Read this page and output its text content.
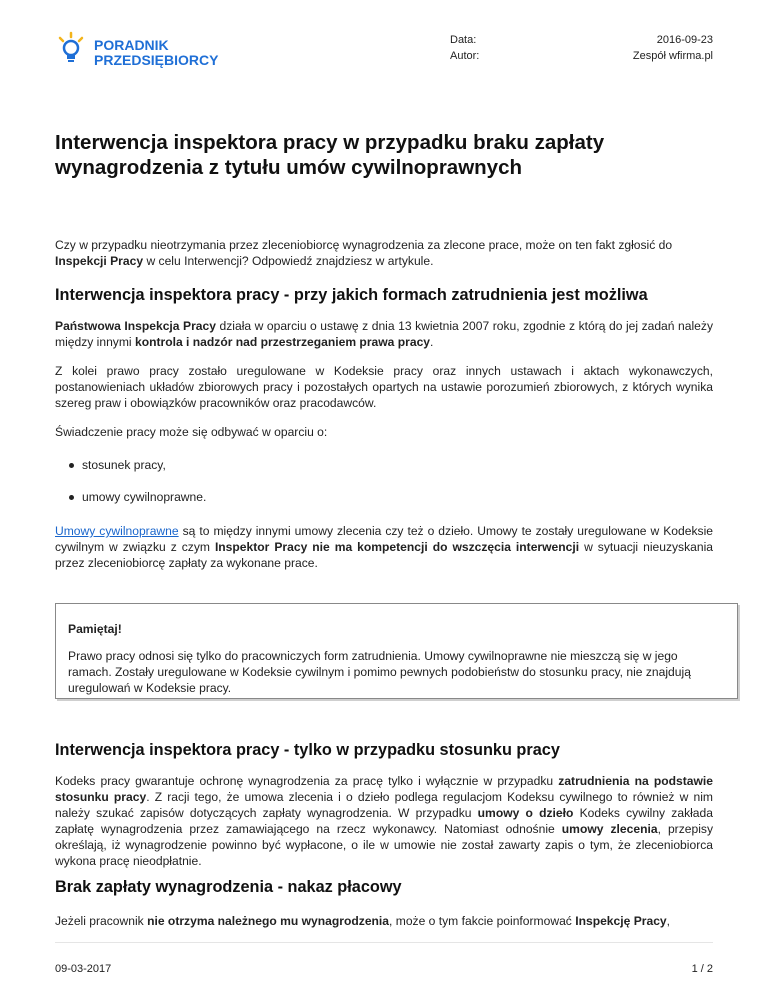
PORADNIK
PRZEDSIĘBIORCY
Data:	2016-09-23
Autor:	Zespół wfirma.pl
Interwencja inspektora pracy w przypadku braku zapłaty wynagrodzenia z tytułu umów cywilnoprawnych

Czy w przypadku nieotrzymania przez zleceniobiorcę wynagrodzenia za zlecone prace, może on ten fakt zgłosić do Inspekcji Pracy w celu Interwencji? Odpowiedź znajdziesz w artykule.

Interwencja inspektora pracy - przy jakich formach zatrudnienia jest możliwa

Państwowa Inspekcja Pracy działa w oparciu o ustawę z dnia 13 kwietnia 2007 roku, zgodnie z którą do jej zadań należy między innymi kontrola i nadzór nad przestrzeganiem prawa pracy.

Z kolei prawo pracy zostało uregulowane w Kodeksie pracy oraz innych ustawach i aktach wykonawczych, postanowieniach układów zbiorowych pracy i pozostałych opartych na ustawie porozumień zbiorowych, z których wynika szereg praw i obowiązków pracowników oraz pracodawców.

Świadczenie pracy może się odbywać w oparciu o:

stosunek pracy,
umowy cywilnoprawne.

Umowy cywilnoprawne są to między innymi umowy zlecenia czy też o dzieło. Umowy te zostały uregulowane w Kodeksie cywilnym w związku z czym Inspektor Pracy nie ma kompetencji do wszczęcia interwencji w sytuacji nieuzyskania przez zleceniobiorcę zapłaty za wykonane prace.

Pamiętaj!
Prawo pracy odnosi się tylko do pracowniczych form zatrudnienia. Umowy cywilnoprawne nie mieszczą się w jego ramach. Zostały uregulowane w Kodeksie cywilnym i pomimo pewnych podobieństw do stosunku pracy, nie znajdują uregulowań w Kodeksie pracy.
Interwencja inspektora pracy - tylko w przypadku stosunku pracy

Kodeks pracy gwarantuje ochronę wynagrodzenia za pracę tylko i wyłącznie w przypadku zatrudnienia na podstawie stosunku pracy. Z racji tego, że umowa zlecenia i o dzieło podlega regulacjom Kodeksu cywilnego to również w nim należy szukać zapisów dotyczących zapłaty wynagrodzenia. W przypadku umowy o dzieło Kodeks cywilny zakłada zapłatę wynagrodzenia przez zamawiającego na rzecz wykonawcy. Natomiast odnośnie umowy zlecenia, przepisy określają, iż wynagrodzenie powinno być wypłacone, o ile w umowie nie został zawarty zapis o tym, że zleceniobiorca wykona pracę nieodpłatnie.

Brak zapłaty wynagrodzenia - nakaz płacowy

Jeżeli pracownik nie otrzyma należnego mu wynagrodzenia, może o tym fakcie poinformować Inspekcję Pracy,

09-03-2017	1 / 2
